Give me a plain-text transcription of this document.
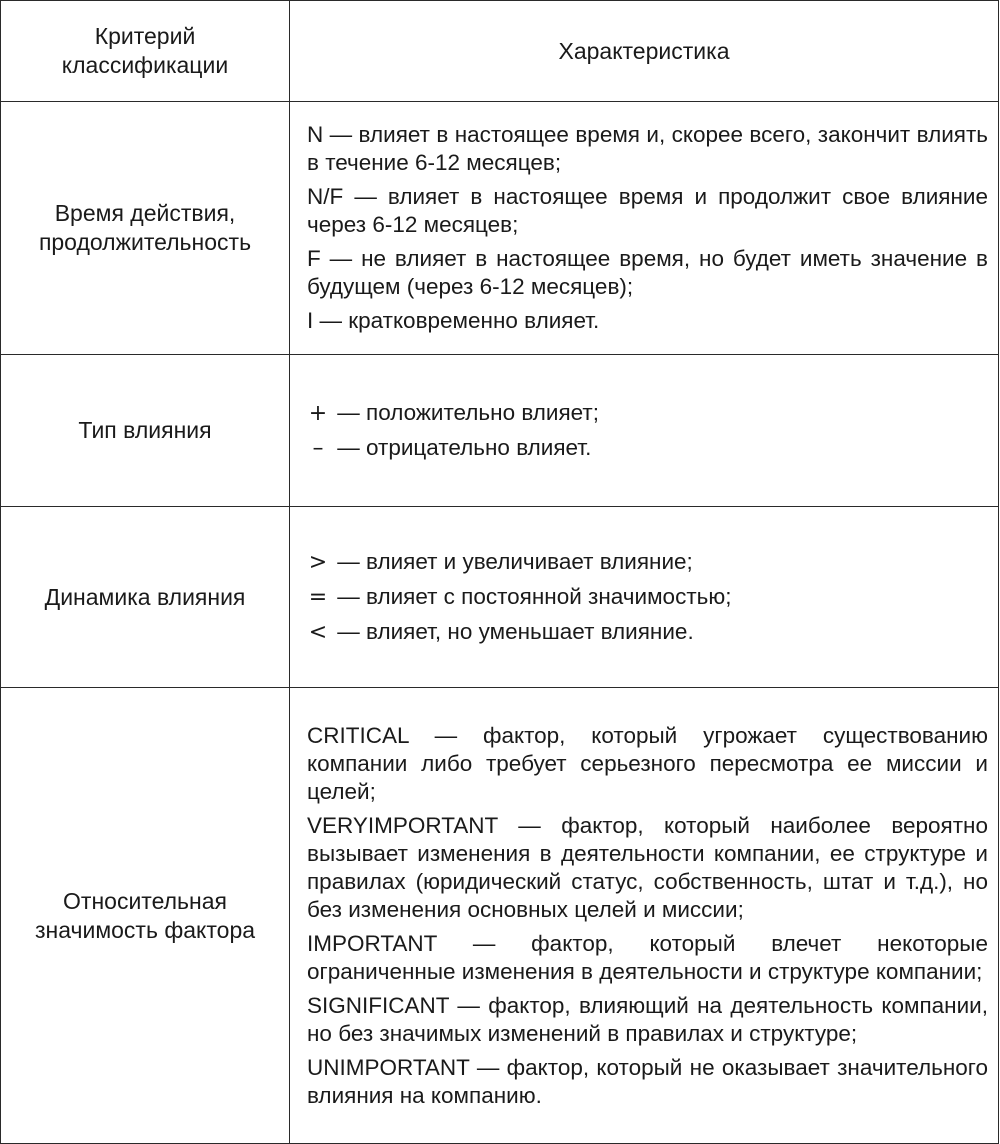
Критерий классификации	Характеристика
Время действия, продолжительность	N — влияет в настоящее время и, скорее всего, закончит влиять в течение 6-12 месяцев;

N/F — влияет в настоящее время и продолжит свое влияние через 6-12 месяцев;

F — не влияет в настоящее время, но будет иметь значение в будущем (через 6-12 месяцев);

I — кратковременно влияет.

Тип влияния	+ — положительно влияет;

– — отрицательно влияет.

Динамика влияния	> — влияет и увеличивает влияние;

= — влияет с постоянной значимостью;

< — влияет, но уменьшает влияние.

Относительная значимость фактора	CRITICAL — фактор, который угрожает существованию компании либо требует серьезного пересмотра ее миссии и целей;

VERYIMPORTANT — фактор, который наиболее вероятно вызывает изменения в деятельности компании, ее структуре и правилах (юридический статус, собственность, штат и т.д.), но без изменения основных целей и миссии;

IMPORTANT — фактор, который влечет некоторые ограниченные изменения в деятельности и структуре компании;

SIGNIFICANT — фактор, влияющий на деятельность компании, но без значимых изменений в правилах и структуре;

UNIMPORTANT — фактор, который не оказывает значительного влияния на компанию.
